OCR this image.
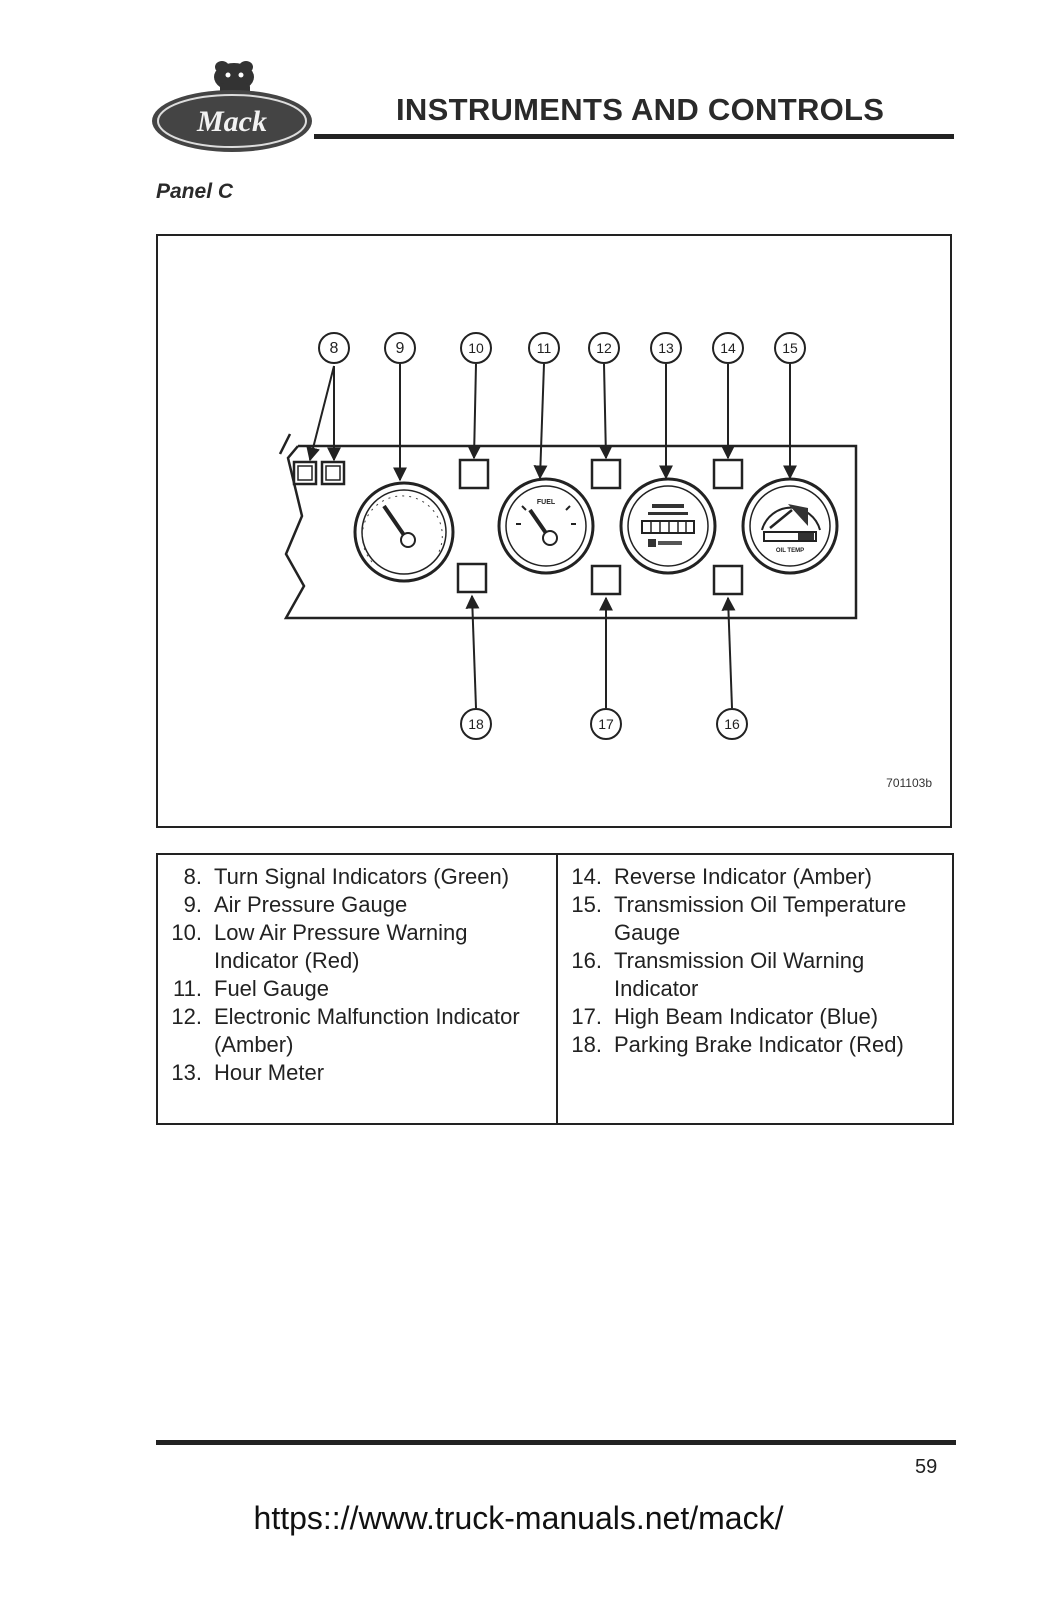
Mack	INSTRUMENTS AND CONTROLS
Panel C
FUEL
OIL TEMP
8	9	10	11	12	13	14	15
18	17	16
701103b
8. Turn Signal Indicators (Green)
9. Air Pressure Gauge
10. Low Air Pressure Warning Indicator (Red)
11. Fuel Gauge
12. Electronic Malfunction Indicator (Amber)
13. Hour Meter
14. Reverse Indicator (Amber)
15. Transmission Oil Temperature Gauge
16. Transmission Oil Warning Indicator
17. High Beam Indicator (Blue)
18. Parking Brake Indicator (Red)
59
https:://www.truck-manuals.net/mack/
